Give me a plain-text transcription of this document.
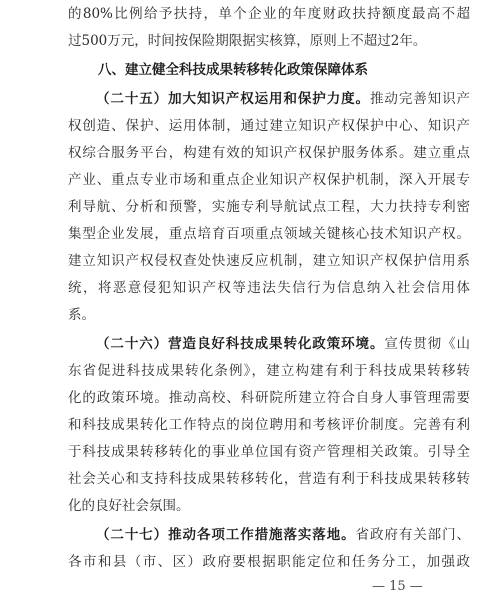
的80%比例给予扶持，单个企业的年度财政扶持额度最高不超
过500万元，时间按保险期限据实核算，原则上不超过2年。
八、建立健全科技成果转移转化政策保障体系
（二十五）加大知识产权运用和保护力度。推动完善知识产
权创造、保护、运用体制，通过建立知识产权保护中心、知识产
权综合服务平台，构建有效的知识产权保护服务体系。建立重点
产业、重点专业市场和重点企业知识产权保护机制，深入开展专
利导航、分析和预警，实施专利导航试点工程，大力扶持专利密
集型企业发展，重点培育百项重点领域关键核心技术知识产权。
建立知识产权侵权查处快速反应机制，建立知识产权保护信用系
统，将恶意侵犯知识产权等违法失信行为信息纳入社会信用体
系。
（二十六）营造良好科技成果转化政策环境。宣传贯彻《山
东省促进科技成果转化条例》，建立构建有利于科技成果转移转
化的政策环境。推动高校、科研院所建立符合自身人事管理需要
和科技成果转化工作特点的岗位聘用和考核评价制度。完善有利
于科技成果转移转化的事业单位国有资产管理相关政策。引导全
社会关心和支持科技成果转移转化，营造有利于科技成果转移转
化的良好社会氛围。
（二十七）推动各项工作措施落实落地。省政府有关部门、
各市和县（市、区）政府要根据职能定位和任务分工，加强政
— 15 —
